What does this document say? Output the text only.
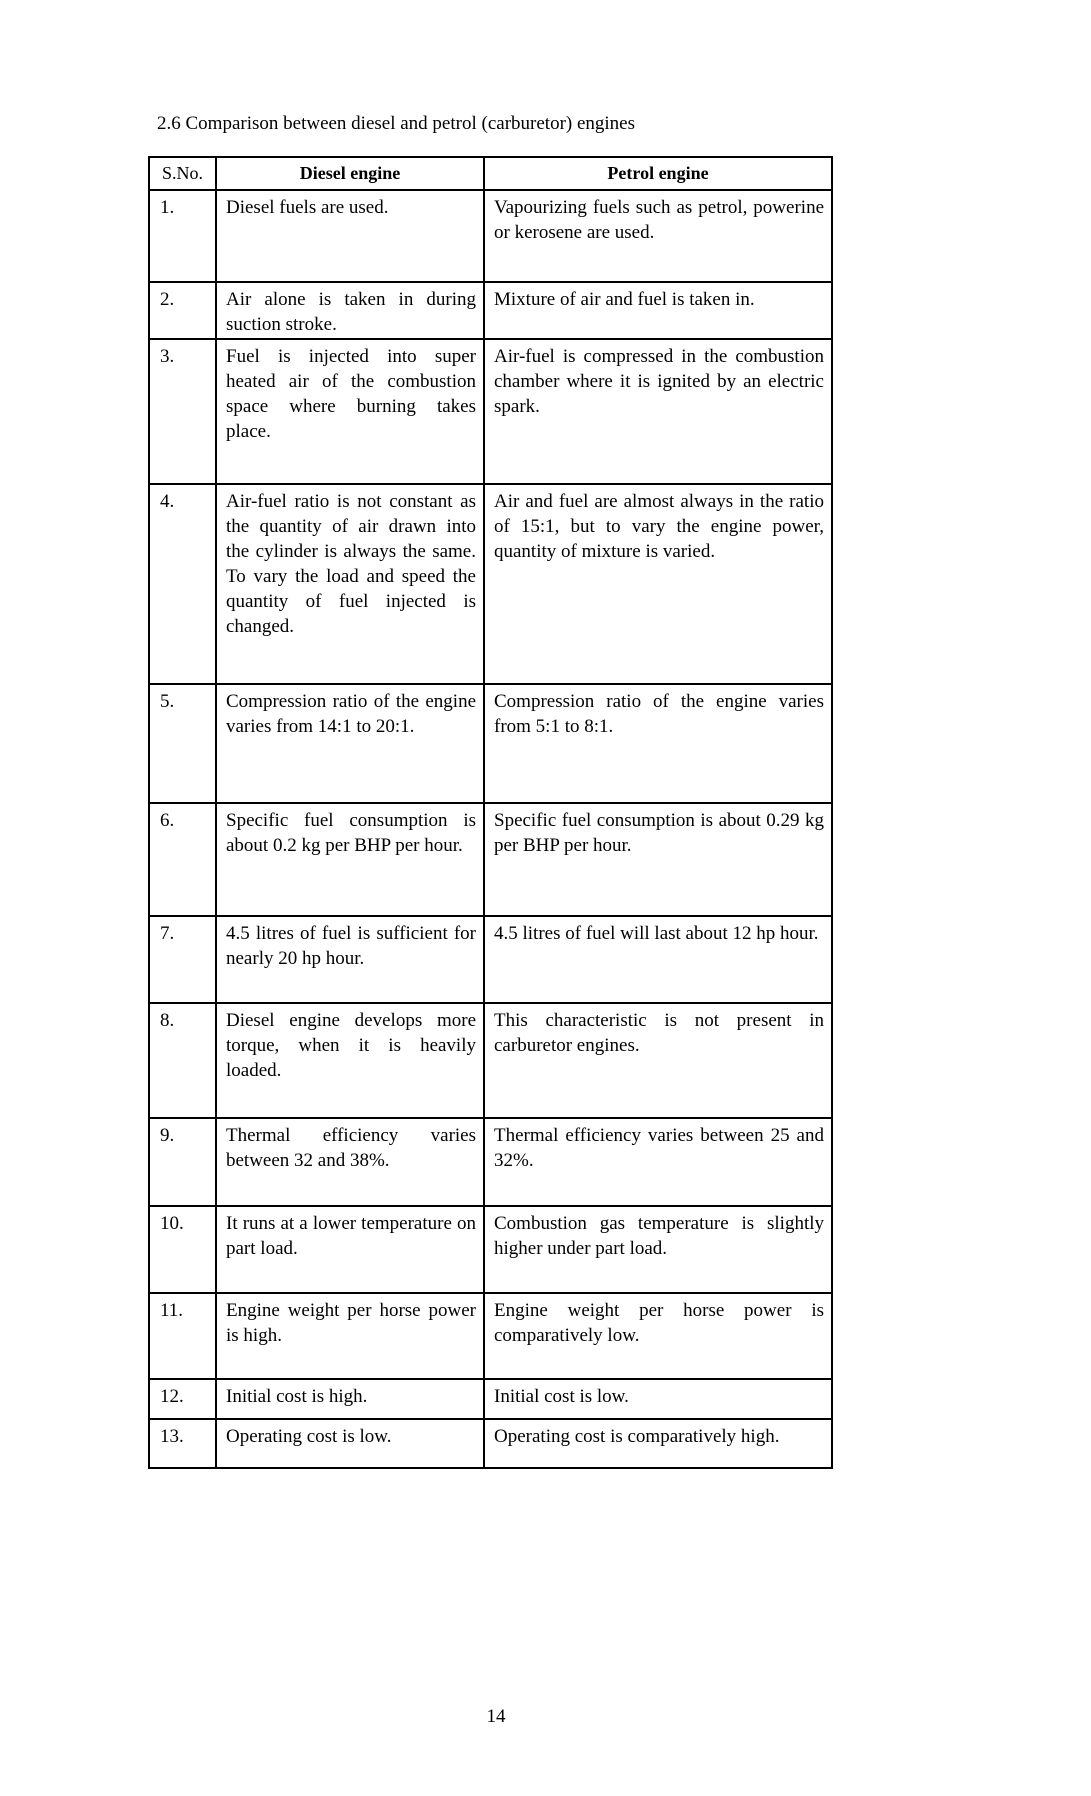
2.6 Comparison between diesel and petrol (carburetor) engines
S.No.	Diesel engine	Petrol engine
1.	Diesel fuels are used.	Vapourizing fuels such as petrol, powerine or kerosene are used.
2.	Air alone is taken in during suction stroke.	Mixture of air and fuel is taken in.
3.	Fuel is injected into super heated air of the combustion space where burning takes place.	Air-fuel is compressed in the combustion chamber where it is ignited by an electric spark.
4.	Air-fuel ratio is not constant as the quantity of air drawn into the cylinder is always the same. To vary the load and speed the quantity of fuel injected is changed.	Air and fuel are almost always in the ratio of 15:1, but to vary the engine power, quantity of mixture is varied.
5.	Compression ratio of the engine varies from 14:1 to 20:1.	Compression ratio of the engine varies from 5:1 to 8:1.
6.	Specific fuel consumption is about 0.2 kg per BHP per hour.	Specific fuel consumption is about 0.29 kg per BHP per hour.
7.	4.5 litres of fuel is sufficient for nearly 20 hp hour.	4.5 litres of fuel will last about 12 hp hour.
8.	Diesel engine develops more torque, when it is heavily loaded.	This characteristic is not present in carburetor engines.
9.	Thermal efficiency varies between 32 and 38%.	Thermal efficiency varies between 25 and 32%.
10.	It runs at a lower temperature on part load.	Combustion gas temperature is slightly higher under part load.
11.	Engine weight per horse power is high.	Engine weight per horse power is comparatively low.
12.	Initial cost is high.	Initial cost is low.
13.	Operating cost is low.	Operating cost is comparatively high.
14
